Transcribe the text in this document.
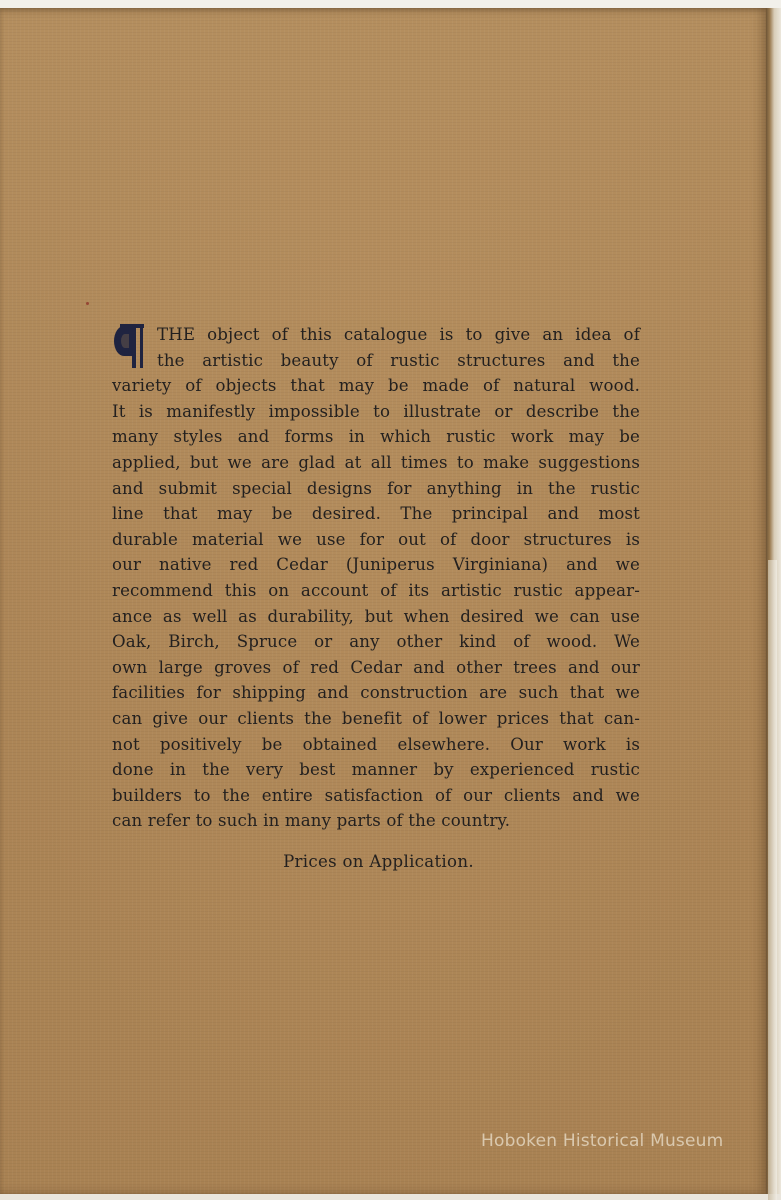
THE object of this catalogue is to give an idea of
the artistic beauty of rustic structures and the
variety of objects that may be made of natural wood.
It is manifestly impossible to illustrate or describe the
many styles and forms in which rustic work may be
applied, but we are glad at all times to make suggestions
and submit special designs for anything in the rustic
line that may be desired. The principal and most
durable material we use for out of door structures is
our native red Cedar (Juniperus Virginiana) and we
recommend this on account of its artistic rustic appear-
ance as well as durability, but when desired we can use
Oak, Birch, Spruce or any other kind of wood. We
own large groves of red Cedar and other trees and our
facilities for shipping and construction are such that we
can give our clients the benefit of lower prices that can-
not positively be obtained elsewhere. Our work is
done in the very best manner by experienced rustic
builders to the entire satisfaction of our clients and we
can refer to such in many parts of the country.
Prices on Application.
Hoboken Historical Museum
